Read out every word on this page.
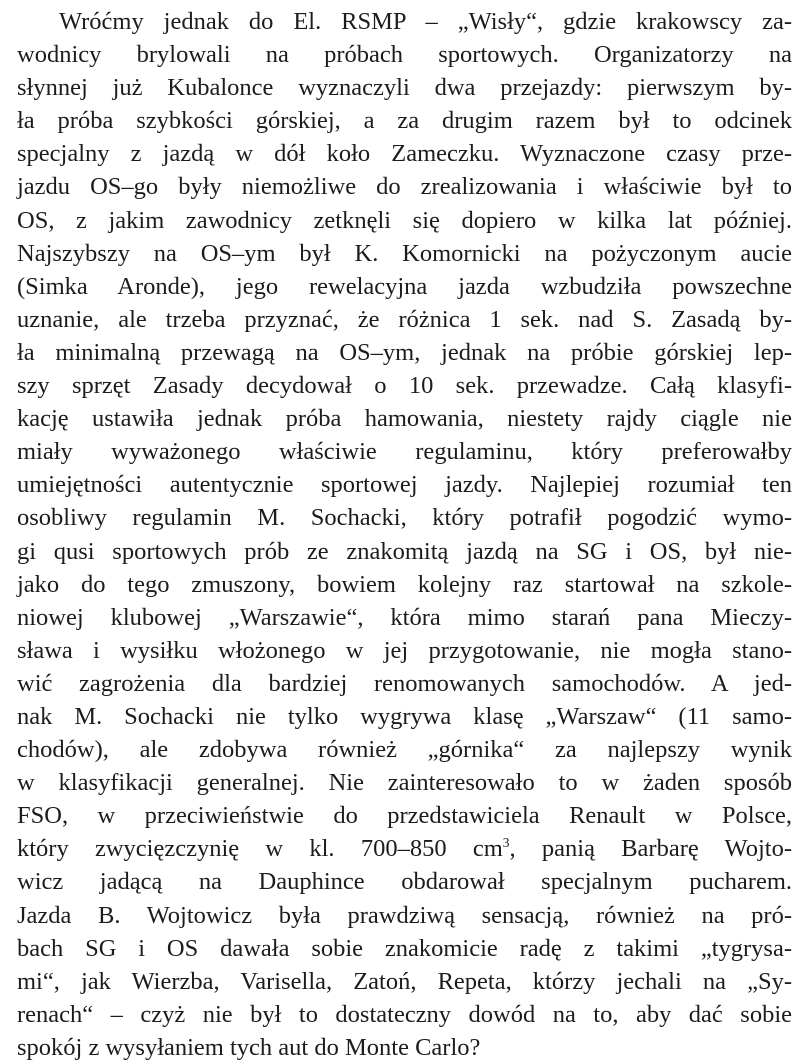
Wróćmy jednak do El. RSMP – „Wisły“, gdzie krakowscy za-
wodnicy brylowali na próbach sportowych. Organizatorzy na
słynnej już Kubalonce wyznaczyli dwa przejazdy: pierwszym by-
ła próba szybkości górskiej, a za drugim razem był to odcinek
specjalny z jazdą w dół koło Zameczku. Wyznaczone czasy prze-
jazdu OS–go były niemożliwe do zrealizowania i właściwie był to
OS, z jakim zawodnicy zetknęli się dopiero w kilka lat później.
Najszybszy na OS–ym był K. Komornicki na pożyczonym aucie
(Simka Aronde), jego rewelacyjna jazda wzbudziła powszechne
uznanie, ale trzeba przyznać, że różnica 1 sek. nad S. Zasadą by-
ła minimalną przewagą na OS–ym, jednak na próbie górskiej lep-
szy sprzęt Zasady decydował o 10 sek. przewadze. Całą klasyfi-
kację ustawiła jednak próba hamowania, niestety rajdy ciągle nie
miały wyważonego właściwie regulaminu, który preferowałby
umiejętności autentycznie sportowej jazdy. Najlepiej rozumiał ten
osobliwy regulamin M. Sochacki, który potrafił pogodzić wymo-
gi qusi sportowych prób ze znakomitą jazdą na SG i OS, był nie-
jako do tego zmuszony, bowiem kolejny raz startował na szkole-
niowej klubowej „Warszawie“, która mimo starań pana Mieczy-
sława i wysiłku włożonego w jej przygotowanie, nie mogła stano-
wić zagrożenia dla bardziej renomowanych samochodów. A jed-
nak M. Sochacki nie tylko wygrywa klasę „Warszaw“ (11 samo-
chodów), ale zdobywa również „górnika“ za najlepszy wynik
w klasyfikacji generalnej. Nie zainteresowało to w żaden sposób
FSO, w przeciwieństwie do przedstawiciela Renault w Polsce,
który zwycięzczynię w kl. 700–850 $cm^3$, panią Barbarę Wojto-
wicz jadącą na Dauphince obdarował specjalnym pucharem.
Jazda B. Wojtowicz była prawdziwą sensacją, również na pró-
bach SG i OS dawała sobie znakomicie radę z takimi „tygrysa-
mi“, jak Wierzba, Varisella, Zatoń, Repeta, którzy jechali na „Sy-
renach“ – czyż nie był to dostateczny dowód na to, aby dać sobie
spokój z wysyłaniem tych aut do Monte Carlo?
